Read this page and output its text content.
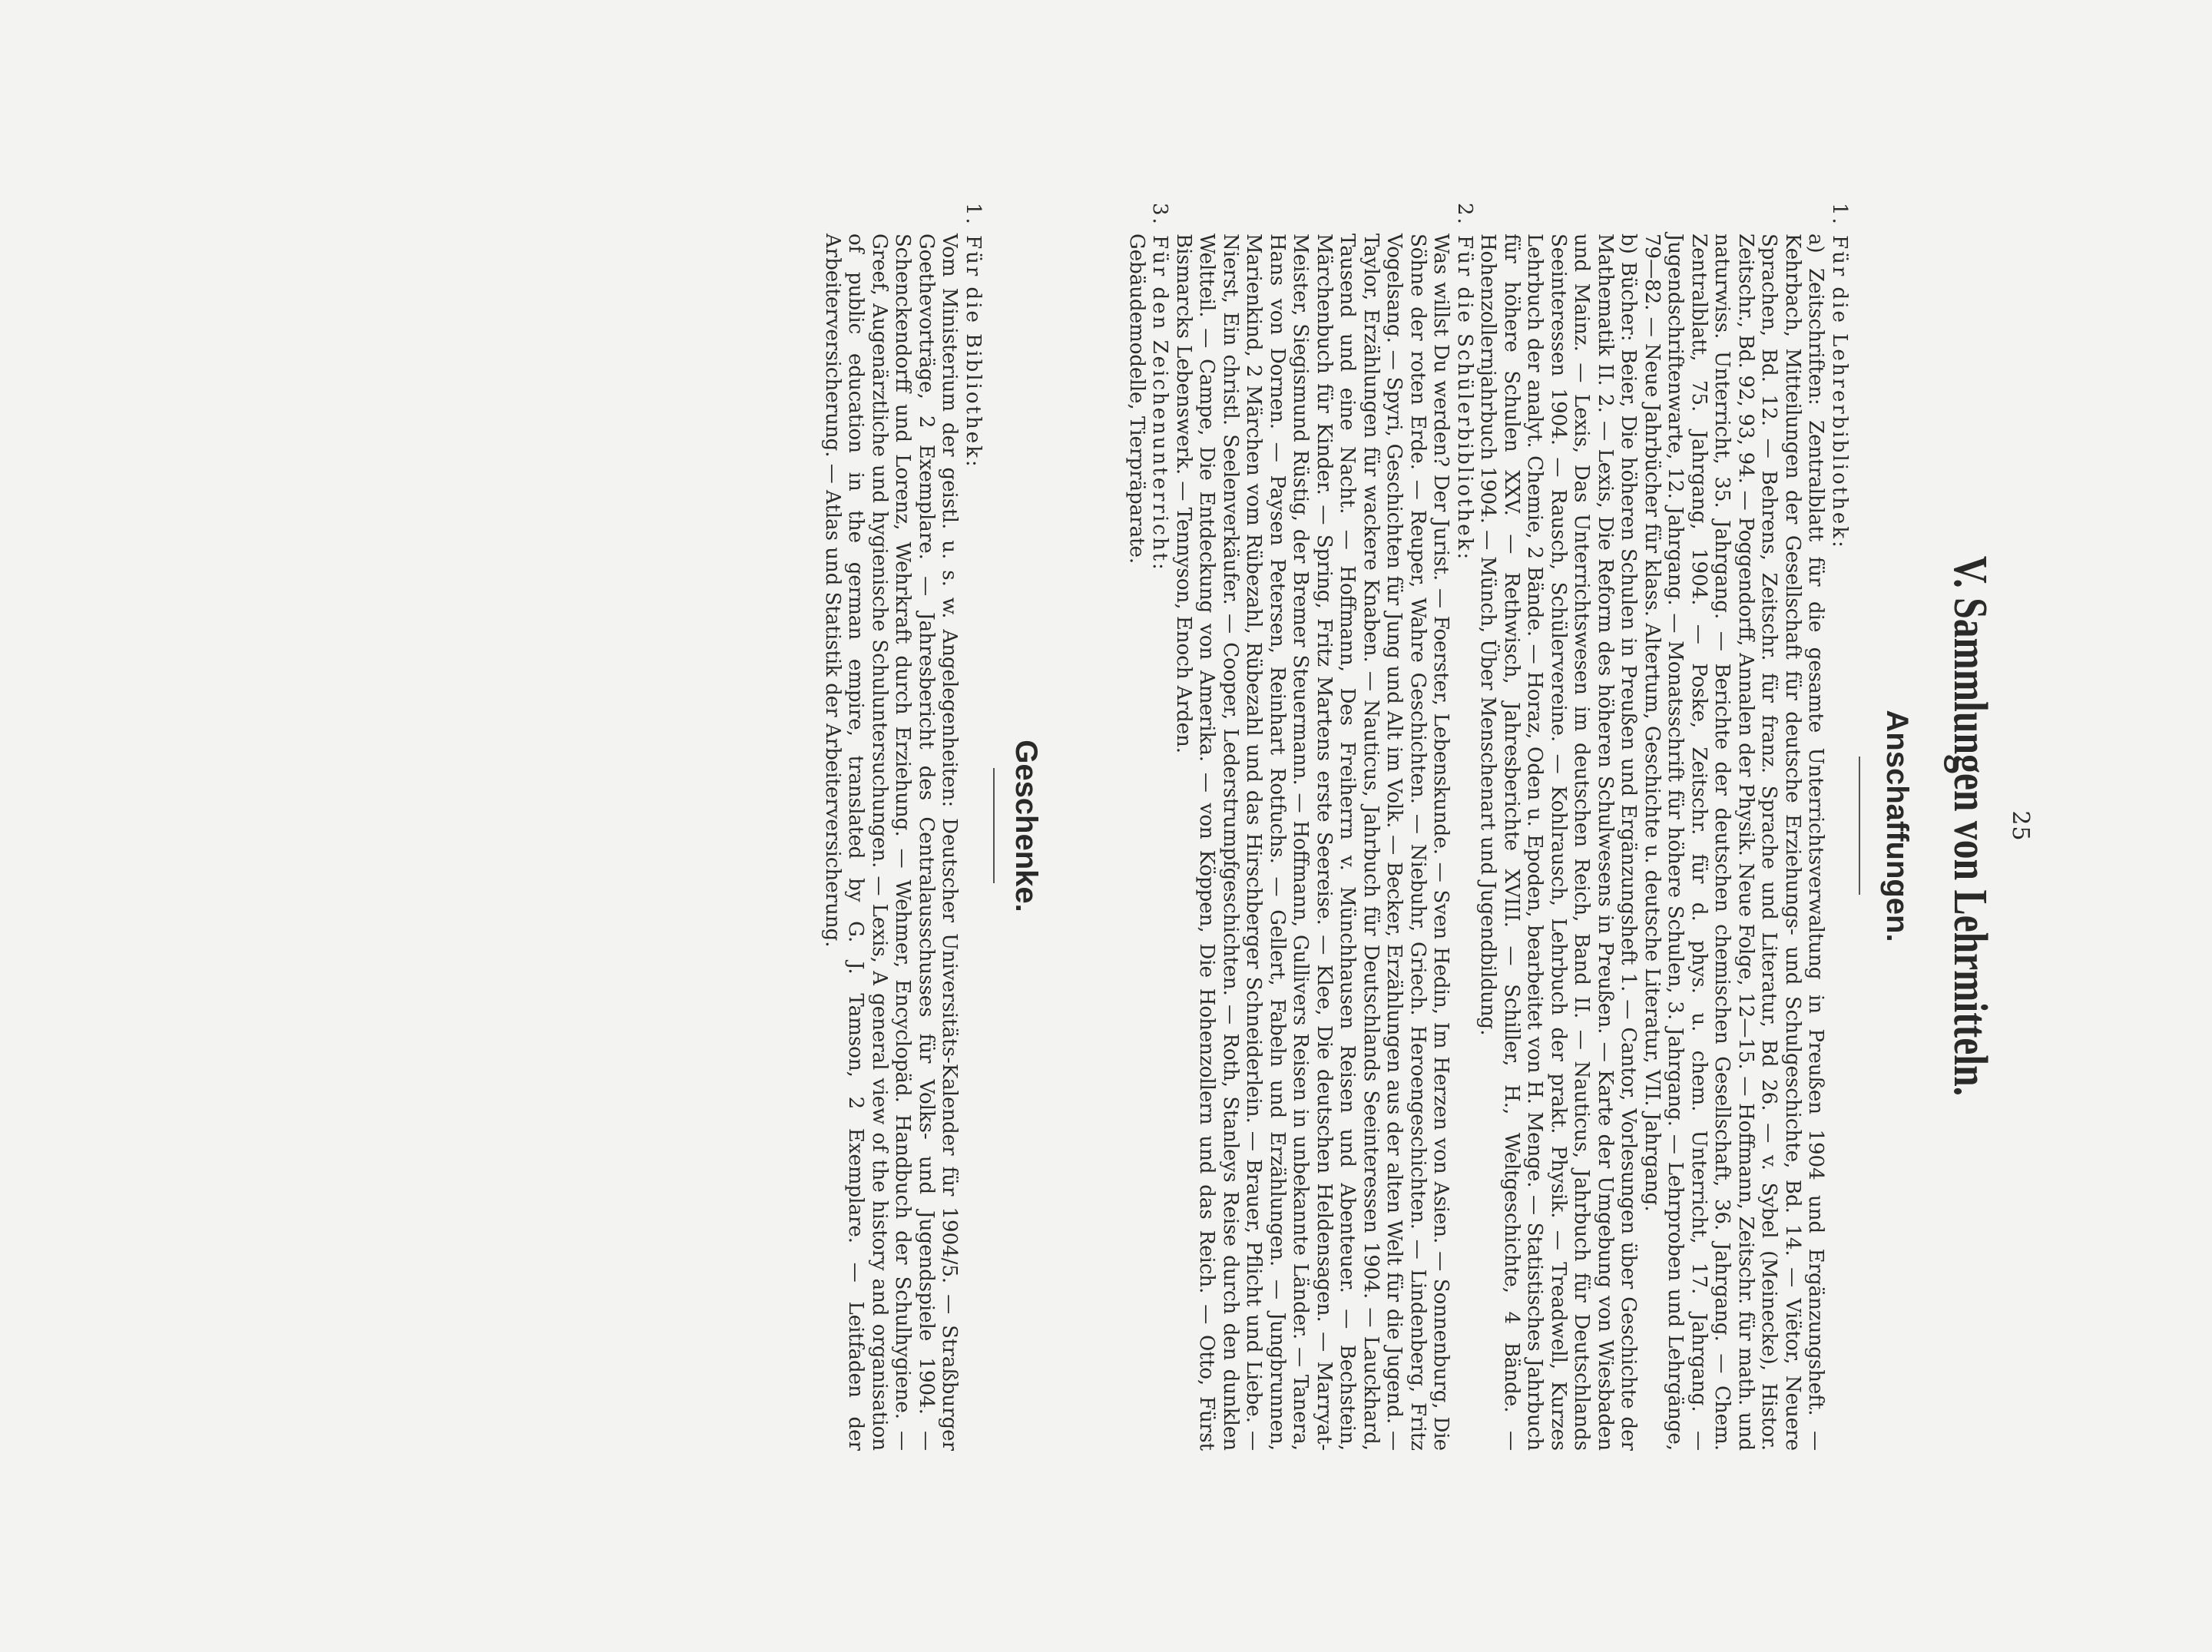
25
V. Sammlungen von Lehrmitteln.
Anschaffungen.
1. Für die Lehrerbibliothek:
a) Zeitschriften: Zentralblatt für die gesamte Unterrichtsverwaltung in Preußen 1904 und Ergänzungsheft. — Kehrbach, Mitteilungen der Gesellschaft für deutsche Erziehungs- und Schulgeschichte, Bd. 14. — Viëtor, Neuere Sprachen, Bd. 12. — Behrens, Zeitschr. für franz. Sprache und Literatur, Bd 26. — v. Sybel (Meinecke), Histor. Zeitschr., Bd. 92, 93, 94. — Poggendorff, Annalen der Physik. Neue Folge, 12—15. — Hoffmann, Zeitschr. für math. und naturwiss. Unterricht, 35. Jahrgang. — Berichte der deutschen chemischen Gesellschaft, 36. Jahrgang. — Chem. Zentralblatt, 75. Jahrgang, 1904. — Poske, Zeitschr. für d. phys. u. chem. Unterricht, 17. Jahrgang. — Jugendschriftenwarte, 12. Jahrgang. — Monatsschrift für höhere Schulen, 3. Jahrgang. — Lehrproben und Lehrgänge, 79—82. — Neue Jahrbücher für klass. Altertum, Geschichte u. deutsche Literatur, VII. Jahrgang.
b) Bücher: Beier, Die höheren Schulen in Preußen und Ergänzungsheft 1. — Cantor, Vorlesungen über Geschichte der Mathematik II. 2. — Lexis, Die Reform des höheren Schulwesens in Preußen. — Karte der Umgebung von Wiesbaden und Mainz. — Lexis, Das Unterrichtswesen im deutschen Reich, Band II. — Nauticus, Jahrbuch für Deutschlands Seeinteressen 1904. — Rausch, Schülervereine. — Kohlrausch, Lehrbuch der prakt. Physik. — Treadwell, Kurzes Lehrbuch der analyt. Chemie, 2 Bände. — Horaz, Oden u. Epoden, bearbeitet von H. Menge. — Statistisches Jahrbuch für höhere Schulen XXV. — Rethwisch, Jahresberichte XVIII. — Schiller, H., Weltgeschichte, 4 Bände. — Hohenzollernjahrbuch 1904. — Münch, Über Menschenart und Jugendbildung.
2. Für die Schülerbibliothek:
Was willst Du werden? Der Jurist. — Foerster, Lebenskunde. — Sven Hedin, Im Herzen von Asien. — Sonnenburg, Die Söhne der roten Erde. — Reuper, Wahre Geschichten. — Niebuhr, Griech. Heroengeschichten. — Lindenberg, Fritz Vogelsang. — Spyri, Geschichten für Jung und Alt im Volk. — Becker, Erzählungen aus der alten Welt für die Jugend. — Taylor, Erzählungen für wackere Knaben. — Nauticus, Jahrbuch für Deutschlands Seeinteressen 1904. — Lauckhard, Tausend und eine Nacht. — Hoffmann, Des Freiherrn v. Münchhausen Reisen und Abenteuer. — Bechstein, Märchenbuch für Kinder. — Spring, Fritz Martens erste Seereise. — Klee, Die deutschen Heldensagen. — Marryat-Meister, Siegismund Rüstig, der Bremer Steuermann. — Hoffmann, Gullivers Reisen in unbekannte Länder. — Tanera, Hans von Dornen. — Paysen Petersen, Reinhart Rotfuchs. — Gellert, Fabeln und Erzählungen. — Jungbrunnen, Marienkind, 2 Märchen vom Rübezahl, Rübezahl und das Hirschberger Schneiderlein. — Brauer, Pflicht und Liebe. — Nierst, Ein christl. Seelenverkäufer. — Cooper, Lederstrumpfgeschichten. — Roth, Stanleys Reise durch den dunklen Weltteil. — Campe, Die Entdeckung von Amerika. — von Köppen, Die Hohenzollern und das Reich. — Otto, Fürst Bismarcks Lebenswerk. — Tennyson, Enoch Arden.
3. Für den Zeichenunterricht:
Gebäudemodelle, Tierpräparate.
Geschenke.
1. Für die Bibliothek:
Vom Ministerium der geistl. u. s. w. Angelegenheiten: Deutscher Universitäts-Kalender für 1904/5. — Straßburger Goethevorträge, 2 Exemplare. — Jahresbericht des Centralausschusses für Volks- und Jugendspiele 1904. — Schenckendorff und Lorenz, Wehrkraft durch Erziehung. — Wehmer, Encyclopäd. Handbuch der Schulhygiene. — Greef, Augenärztliche und hygienische Schuluntersuchungen. — Lexis, A general view of the history and organisation of public education in the german empire, translated by G. J. Tamson, 2 Exemplare. — Leitfaden der Arbeiterversicherung. — Atlas und Statistik der Arbeiterversicherung.
